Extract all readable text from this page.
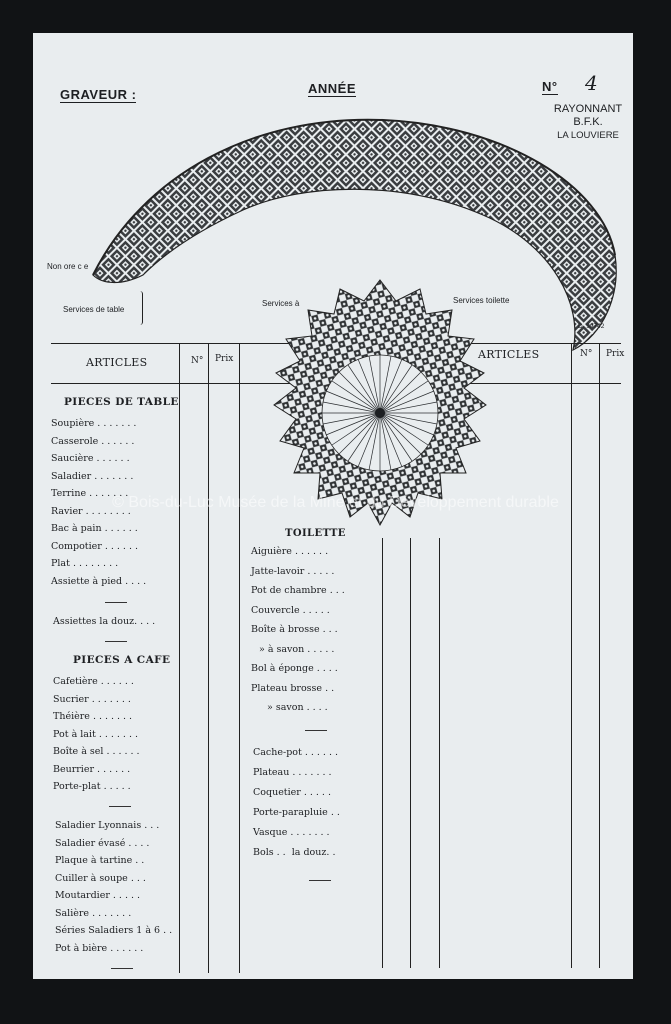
GRAVEUR :	ANNÉE	N° 4
RAYONNANT
B.F.K.
LA LOUVIERE
Non ore c e
Services de table
Services à	Services toilette
D. 99742
ARTICLES	N° Prix	ARTICLES	N° Prix
PIECES DE TABLE
Soupière .......
Casserole ......
Saucière ......
Saladier .......
Terrine .......
Ravier ........
Bac à pain ......
Compotier ......
Plat ........
Assiette à pied ....
Assiettes la douz. ...
PIECES A CAFE
Cafetière ......
Sucrier .......
Théière .......
Pot à lait .......
Boîte à sel ......
Beurrier ......
Porte-plat .....
Saladier Lyonnais ...
Saladier évasé ....
Plaque à tartine ..
Cuiller à soupe ...
Moutardier .....
Salière .......
Séries Saladiers 1 à 6 ..
Pot à bière ......
TOILETTE
Aiguière ......
Jatte-lavoir .....
Pot de chambre ...
Couvercle .....
Boîte à brosse ...
» à savon .....
Bol à éponge ....
Plateau brosse ..
» savon ....
Cache-pot ......
Plateau .......
Coquetier .....
Porte-parapluie ..
Vasque .......
Bols .. la douz. .
© Bois-du-Luc Musée de la Mine et du Développement durable
